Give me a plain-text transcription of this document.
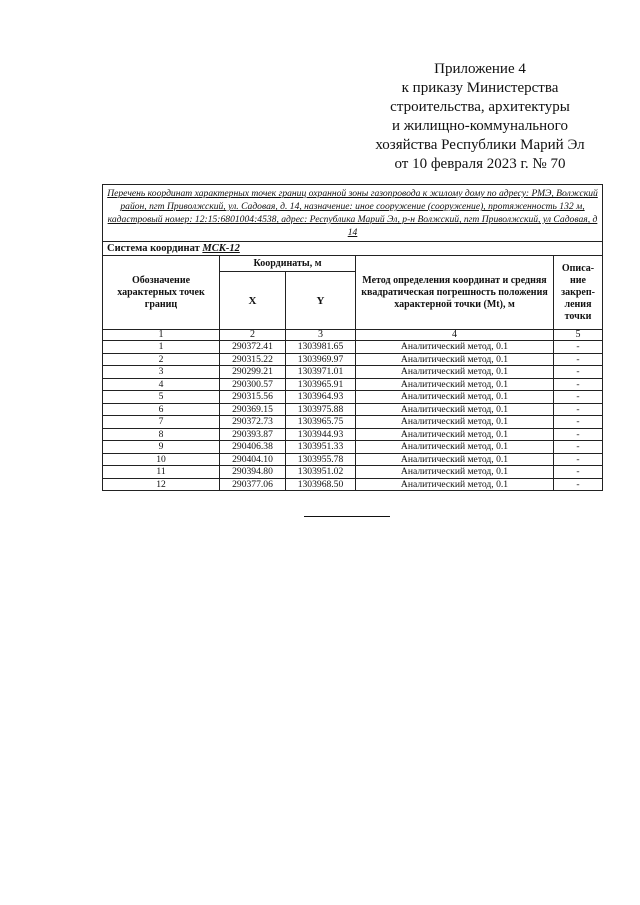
Приложение 4
к приказу Министерства
строительства, архитектуры
и жилищно-коммунального
хозяйства Республики Марий Эл
от 10 февраля 2023 г. № 70
Перечень координат характерных точек границ охранной зоны газопровода к жилому дому по адресу: РМЭ, Волжский район, пгт Приволжский, ул. Садовая, д. 14, назначение: иное сооружение (сооружение), протяженность 132 м, кадастровый номер: 12:15:6801004:4538, адрес: Республика Марий Эл, р-н Волжский, пгт Приволжский, ул Садовая, д 14				
Система координат МСК-12				
Обозначение характерных точек границ	Координаты, м		Метод определения координат и средняя квадратическая погрешность положения характерной точки (Mt), м	Описа-ние закреп-ления точки
	X	Y		
1	2	3	4	5
1	290372.41	1303981.65	Аналитический метод, 0.1	-
2	290315.22	1303969.97	Аналитический метод, 0.1	-
3	290299.21	1303971.01	Аналитический метод, 0.1	-
4	290300.57	1303965.91	Аналитический метод, 0.1	-
5	290315.56	1303964.93	Аналитический метод, 0.1	-
6	290369.15	1303975.88	Аналитический метод, 0.1	-
7	290372.73	1303965.75	Аналитический метод, 0.1	-
8	290393.87	1303944.93	Аналитический метод, 0.1	-
9	290406.38	1303951.33	Аналитический метод, 0.1	-
10	290404.10	1303955.78	Аналитический метод, 0.1	-
11	290394.80	1303951.02	Аналитический метод, 0.1	-
12	290377.06	1303968.50	Аналитический метод, 0.1	-
